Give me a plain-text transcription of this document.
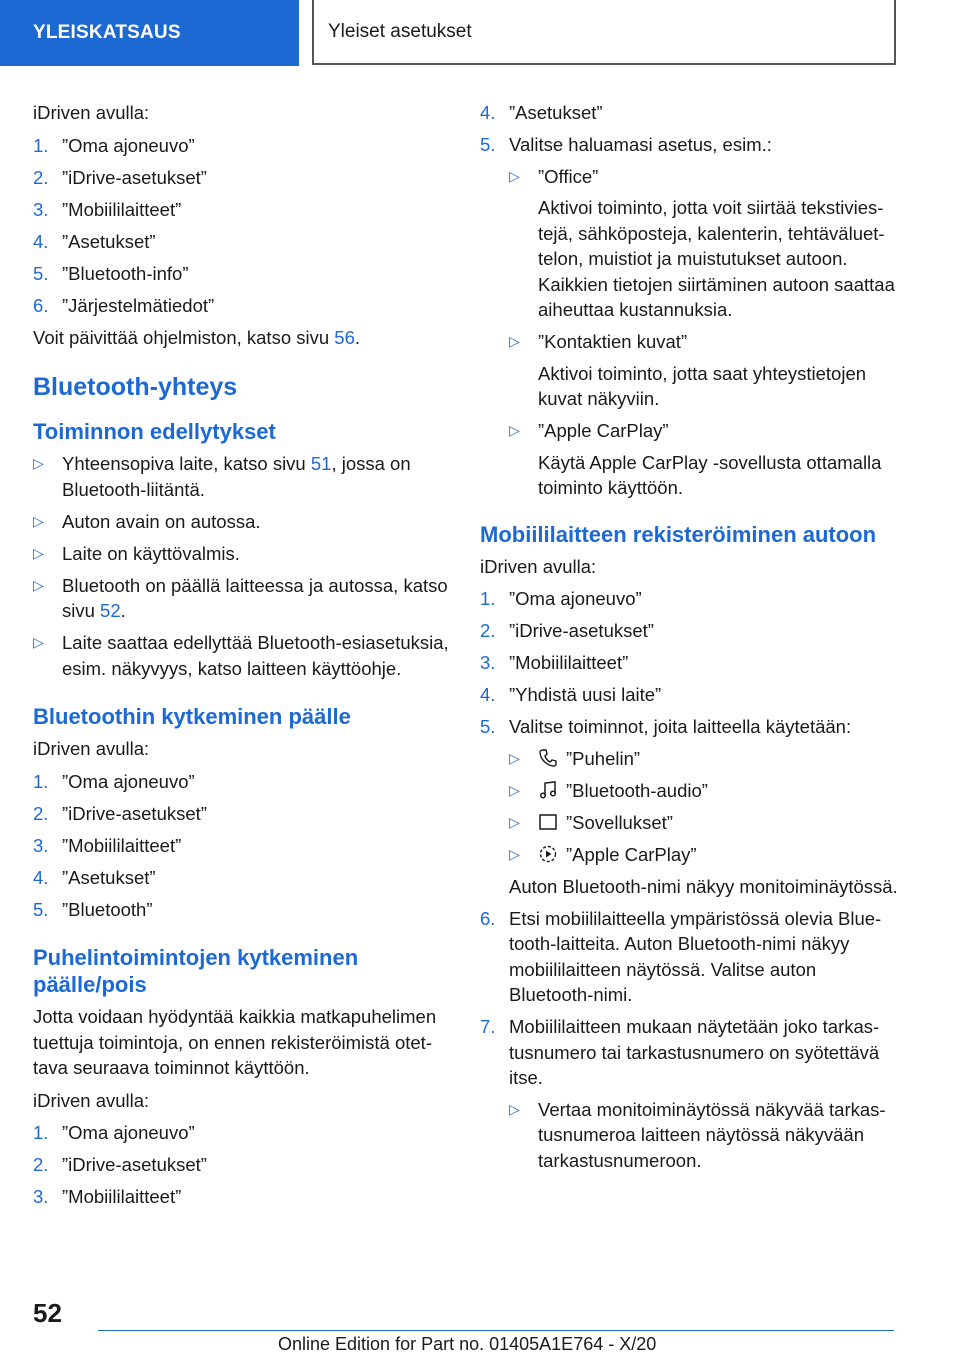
YLEISKATSAUS	Yleiset asetukset

iDriven avulla:

1. ”Oma ajoneuvo”
2. ”iDrive-asetukset”
3. ”Mobiililaitteet”
4. ”Asetukset”
5. ”Bluetooth-info”
6. ”Järjestelmätiedot”

Voit päivittää ohjelmiston, katso sivu 56.

Bluetooth-yhteys
Toiminnon edellytykset
▷ Yhteensopiva laite, katso sivu 51, jossa on Bluetooth-liitäntä.
▷ Auton avain on autossa.
▷ Laite on käyttövalmis.
▷ Bluetooth on päällä laitteessa ja autossa, katso sivu 52.
▷ Laite saattaa edellyttää Bluetooth-esiasetuksia, esim. näkyvyys, katso laitteen käyttöohje.
Bluetoothin kytkeminen päälle

iDriven avulla:

1. ”Oma ajoneuvo”
2. ”iDrive-asetukset”
3. ”Mobiililaitteet”
4. ”Asetukset”
5. ”Bluetooth”
Puhelintoimintojen kytkeminen päälle/pois

Jotta voidaan hyödyntää kaikkia matkapuhelimen tuettuja toimintoja, on ennen rekisteröimistä otettava seuraava toiminnot käyttöön.

iDriven avulla:

1. ”Oma ajoneuvo”
2. ”iDrive-asetukset”
3. ”Mobiililaitteet”
4. ”Asetukset”
5. Valitse haluamasi asetus, esim.:
▷ ”Office”
Aktivoi toiminto, jotta voit siirtää tekstiviestejä, sähköposteja, kalenterin, tehtäväluettelon, muistiot ja muistutukset autoon. Kaikkien tietojen siirtäminen autoon saattaa aiheuttaa kustannuksia.
▷ ”Kontaktien kuvat”
Aktivoi toiminto, jotta saat yhteystietojen kuvat näkyviin.
▷ ”Apple CarPlay”
Käytä Apple CarPlay -sovellusta ottamalla toiminto käyttöön.
Mobiililaitteen rekisteröiminen autoon

iDriven avulla:

1. ”Oma ajoneuvo”
2. ”iDrive-asetukset”
3. ”Mobiililaitteet”
4. ”Yhdistä uusi laite”
5. Valitse toiminnot, joita laitteella käytetään:
▷ ”Puhelin”
▷ ”Bluetooth-audio”
▷ ”Sovellukset”
▷ ”Apple CarPlay”
Auton Bluetooth-nimi näkyy monitoiminäytössä.
6. Etsi mobiililaitteella ympäristössä olevia Bluetooth-laitteita. Auton Bluetooth-nimi näkyy mobiililaitteen näytössä. Valitse auton Bluetooth-nimi.
7. Mobiililaitteen mukaan näytetään joko tarkastusnumero tai tarkastusnumero on syötettävä itse.
▷ Vertaa monitoiminäytössä näkyvää tarkastusnumeroa laitteen näytössä näkyvään tarkastusnumeroon.
52
Online Edition for Part no. 01405A1E764 - X/20
